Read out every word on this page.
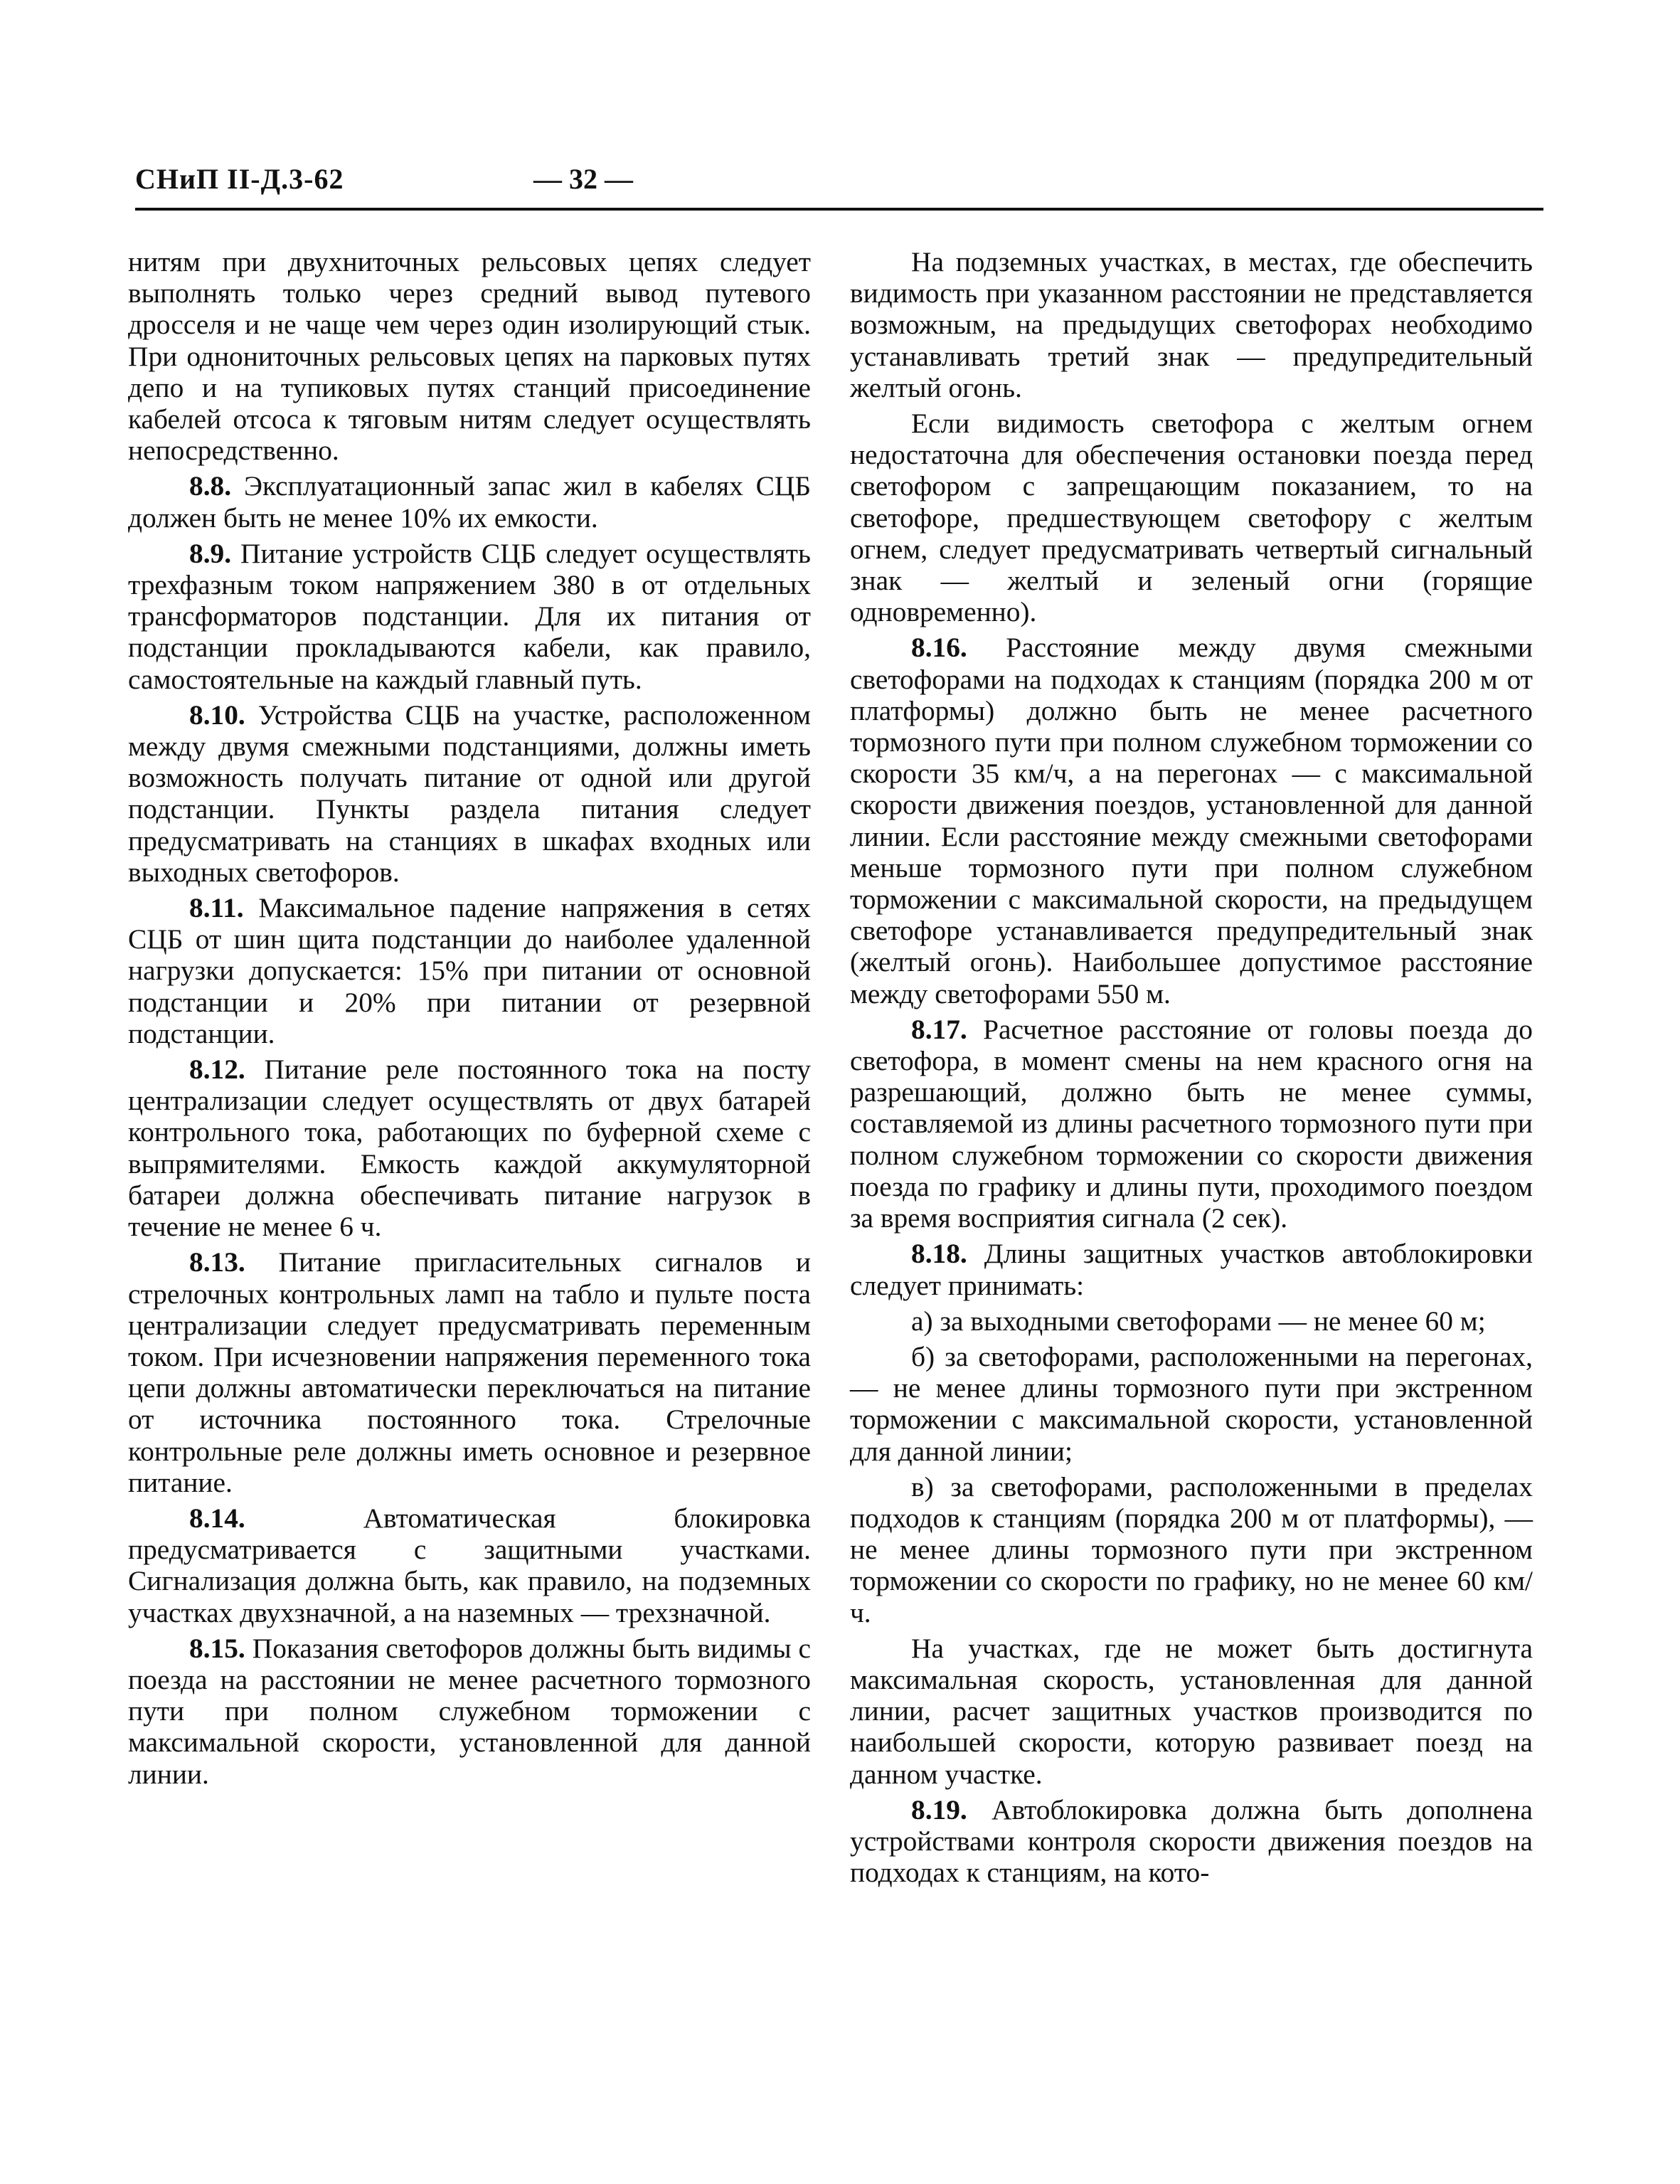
СНиП II-Д.3-62	— 32 —

нитям при двухниточных рельсовых цепях следует выполнять только через средний вывод путевого дросселя и не чаще чем через один изолирующий стык. При однониточных рельсовых цепях на парковых путях депо и на тупиковых путях станций присоединение кабелей отсоса к тяговым нитям следует осуществлять непосредственно.

8.8. Эксплуатационный запас жил в кабелях СЦБ должен быть не менее 10% их емкости.

8.9. Питание устройств СЦБ следует осуществлять трехфазным током напряжением 380 в от отдельных трансформаторов подстанции. Для их питания от подстанции прокладываются кабели, как правило, самостоятельные на каждый главный путь.

8.10. Устройства СЦБ на участке, расположенном между двумя смежными подстанциями, должны иметь возможность получать питание от одной или другой подстанции. Пункты раздела питания следует предусматривать на станциях в шкафах входных или выходных светофоров.

8.11. Максимальное падение напряжения в сетях СЦБ от шин щита подстанции до наиболее удаленной нагрузки допускается: 15% при питании от основной подстанции и 20% при питании от резервной подстанции.

8.12. Питание реле постоянного тока на посту централизации следует осуществлять от двух батарей контрольного тока, работающих по буферной схеме с выпрямителями. Емкость каждой аккумуляторной батареи должна обеспечивать питание нагрузок в течение не менее 6 ч.

8.13. Питание пригласительных сигналов и стрелочных контрольных ламп на табло и пульте поста централизации следует предусматривать переменным током. При исчезновении напряжения переменного тока цепи должны автоматически переключаться на питание от источника постоянного тока. Стрелочные контрольные реле должны иметь основное и резервное питание.

8.14.	Автоматическая блокировка предусматривается с защитными участками. Сигнализация должна быть, как правило, на подземных участках двухзначной, а на наземных — трехзначной.

8.15. Показания светофоров должны быть видимы с поезда на расстоянии не менее расчетного тормозного пути при полном служебном торможении с максимальной скорости, установленной для данной линии.

На подземных участках, в местах, где обеспечить видимость при указанном расстоянии не представляется возможным, на предыдущих светофорах необходимо устанавливать третий знак — предупредительный желтый огонь.

Если видимость светофора с желтым огнем недостаточна для обеспечения остановки поезда перед светофором с запрещающим показанием, то на светофоре, предшествующем светофору с желтым огнем, следует предусматривать четвертый сигнальный знак — желтый и зеленый огни (горящие одновременно).

8.16. Расстояние между двумя смежными светофорами на подходах к станциям (порядка 200 м от платформы) должно быть не менее расчетного тормозного пути при полном служебном торможении со скорости 35 км/ч, а на перегонах — с максимальной скорости движения поездов, установленной для данной линии. Если расстояние между смежными светофорами меньше тормозного пути при полном служебном торможении с максимальной скорости, на предыдущем светофоре устанавливается предупредительный знак (желтый огонь). Наибольшее допустимое расстояние между светофорами 550 м.

8.17. Расчетное расстояние от головы поезда до светофора, в момент смены на нем красного огня на разрешающий, должно быть не менее суммы, составляемой из длины расчетного тормозного пути при полном служебном торможении со скорости движения поезда по графику и длины пути, проходимого поездом за время восприятия сигнала (2 сек).

8.18. Длины защитных участков автоблокировки следует принимать:

а) за выходными светофорами — не менее 60 м;

б) за светофорами, расположенными на перегонах, — не менее длины тормозного пути при экстренном торможении с максимальной скорости, установленной для данной линии;

в) за светофорами, расположенными в пределах подходов к станциям (порядка 200 м от платформы), — не менее длины тормозного пути при экстренном торможении со скорости по графику, но не менее 60 км/ч.

На участках, где не может быть достигнута максимальная скорость, установленная для данной линии, расчет защитных участков производится по наибольшей скорости, которую развивает поезд на данном участке.

8.19. Автоблокировка должна быть дополнена устройствами контроля скорости движения поездов на подходах к станциям, на кото-
